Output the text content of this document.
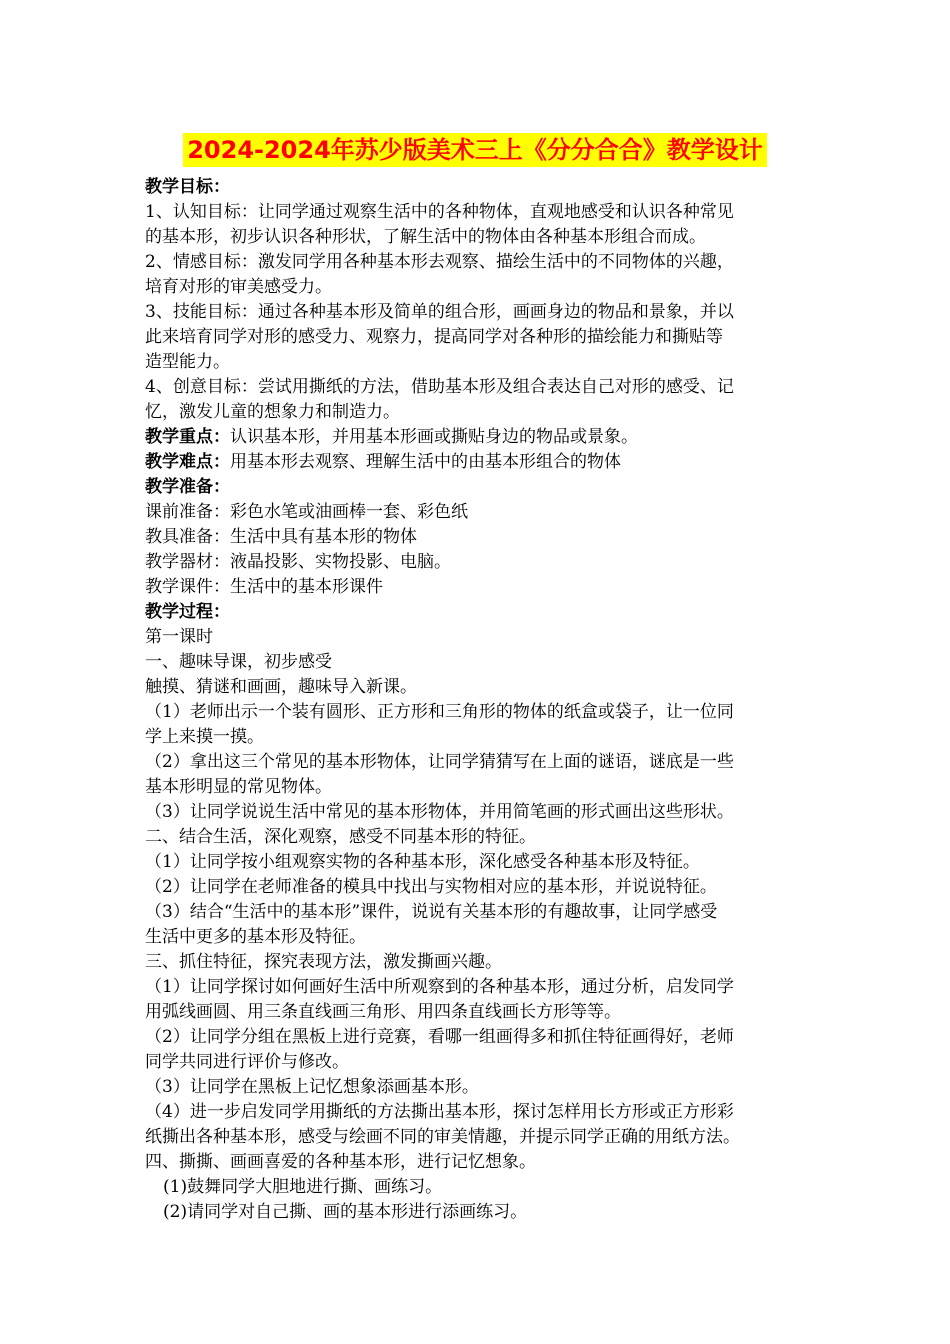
2024-2024年苏少版美术三上《分分合合》教学设计
教学目标：
1、认知目标：让同学通过观察生活中的各种物体，直观地感受和认识各种常见
的基本形，初步认识各种形状，了解生活中的物体由各种基本形组合而成。
2、情感目标：激发同学用各种基本形去观察、描绘生活中的不同物体的兴趣，
培育对形的审美感受力。
3、技能目标：通过各种基本形及简单的组合形，画画身边的物品和景象，并以
此来培育同学对形的感受力、观察力，提高同学对各种形的描绘能力和撕贴等
造型能力。
4、创意目标：尝试用撕纸的方法，借助基本形及组合表达自己对形的感受、记
忆，激发儿童的想象力和制造力。
教学重点：认识基本形，并用基本形画或撕贴身边的物品或景象。
教学难点：用基本形去观察、理解生活中的由基本形组合的物体
教学准备：
课前准备：彩色水笔或油画棒一套、彩色纸
教具准备：生活中具有基本形的物体
教学器材：液晶投影、实物投影、电脑。
教学课件：生活中的基本形课件
教学过程：
第一课时
一、趣味导课，初步感受
触摸、猜谜和画画，趣味导入新课。
（1）老师出示一个装有圆形、正方形和三角形的物体的纸盒或袋子，让一位同
学上来摸一摸。
（2）拿出这三个常见的基本形物体，让同学猜猜写在上面的谜语，谜底是一些
基本形明显的常见物体。
（3）让同学说说生活中常见的基本形物体，并用简笔画的形式画出这些形状。
二、结合生活，深化观察，感受不同基本形的特征。
（1）让同学按小组观察实物的各种基本形，深化感受各种基本形及特征。
（2）让同学在老师准备的模具中找出与实物相对应的基本形，并说说特征。
（3）结合“生活中的基本形”课件，说说有关基本形的有趣故事，让同学感受
生活中更多的基本形及特征。
三、抓住特征，探究表现方法，激发撕画兴趣。
（1）让同学探讨如何画好生活中所观察到的各种基本形，通过分析，启发同学
用弧线画圆、用三条直线画三角形、用四条直线画长方形等等。
（2）让同学分组在黑板上进行竞赛，看哪一组画得多和抓住特征画得好，老师
同学共同进行评价与修改。
（3）让同学在黑板上记忆想象添画基本形。
（4）进一步启发同学用撕纸的方法撕出基本形，探讨怎样用长方形或正方形彩
纸撕出各种基本形，感受与绘画不同的审美情趣，并提示同学正确的用纸方法。
四、撕撕、画画喜爱的各种基本形，进行记忆想象。
(1)鼓舞同学大胆地进行撕、画练习。
(2)请同学对自己撕、画的基本形进行添画练习。
